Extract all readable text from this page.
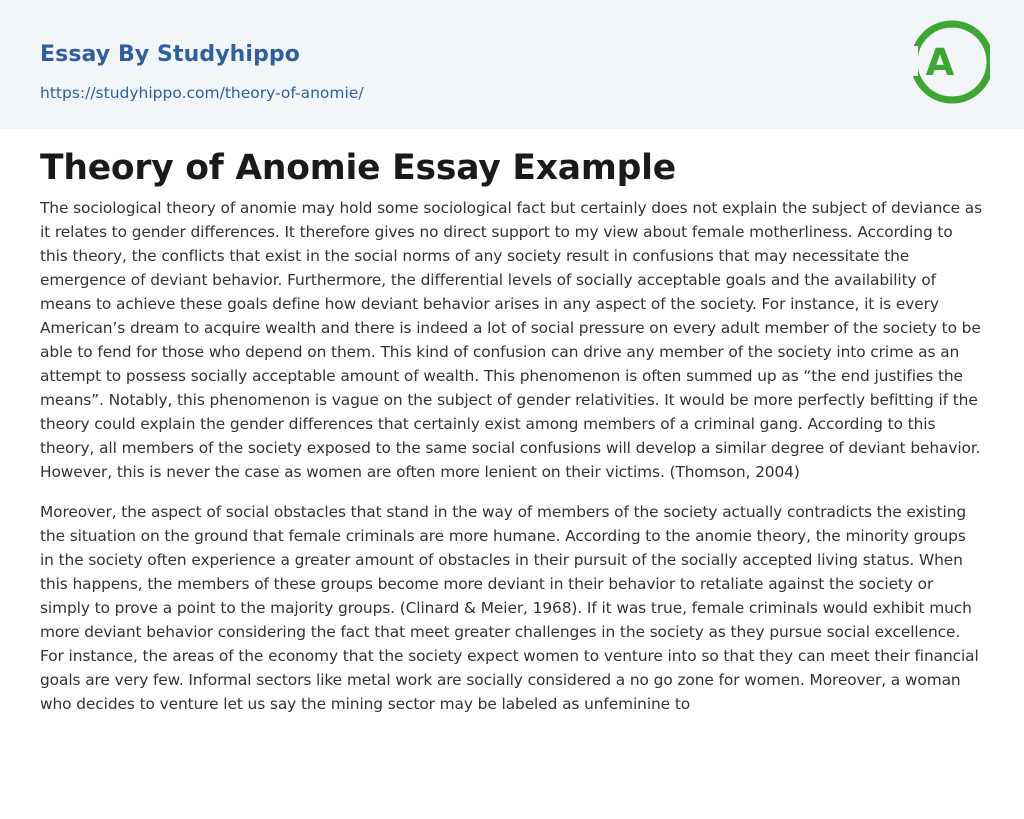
Essay By Studyhippo
https://studyhippo.com/theory-of-anomie/
A
Theory of Anomie Essay Example

The sociological theory of anomie may hold some sociological fact but certainly does not explain the subject of deviance as it relates to gender differences. It therefore gives no direct support to my view about female motherliness. According to this theory, the conflicts that exist in the social norms of any society result in confusions that may necessitate the emergence of deviant behavior. Furthermore, the differential levels of socially acceptable goals and the availability of means to achieve these goals define how deviant behavior arises in any aspect of the society. For instance, it is every American’s dream to acquire wealth and there is indeed a lot of social pressure on every adult member of the society to be able to fend for those who depend on them. This kind of confusion can drive any member of the society into crime as an attempt to possess socially acceptable amount of wealth. This phenomenon is often summed up as “the end justifies the means”. Notably, this phenomenon is vague on the subject of gender relativities. It would be more perfectly befitting if the theory could explain the gender differences that certainly exist among members of a criminal gang. According to this theory, all members of the society exposed to the same social confusions will develop a similar degree of deviant behavior. However, this is never the case as women are often more lenient on their victims. (Thomson, 2004)

Moreover, the aspect of social obstacles that stand in the way of members of the society actually contradicts the existing the situation on the ground that female criminals are more humane. According to the anomie theory, the minority groups in the society often experience a greater amount of obstacles in their pursuit of the socially accepted living status. When this happens, the members of these groups become more deviant in their behavior to retaliate against the society or simply to prove a point to the majority groups. (Clinard & Meier, 1968). If it was true, female criminals would exhibit much more deviant behavior considering the fact that meet greater challenges in the society as they pursue social excellence. For instance, the areas of the economy that the society expect women to venture into so that they can meet their financial goals are very few. Informal sectors like metal work are socially considered a no go zone for women. Moreover, a woman who decides to venture let us say the mining sector may be labeled as unfeminine to
